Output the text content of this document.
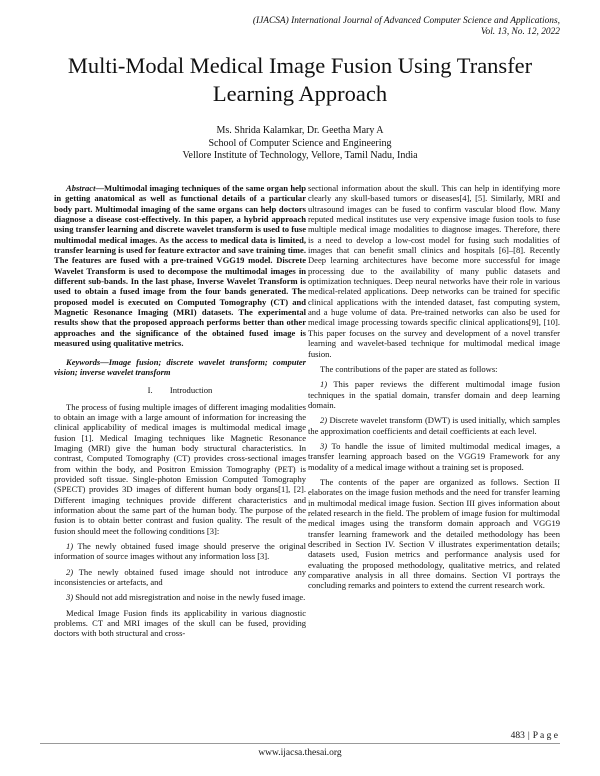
(IJACSA) International Journal of Advanced Computer Science and Applications,
Vol. 13, No. 12, 2022
Multi-Modal Medical Image Fusion Using Transfer
Learning Approach
Ms. Shrida Kalamkar, Dr. Geetha Mary A
School of Computer Science and Engineering
Vellore Institute of Technology, Vellore, Tamil Nadu, India

Abstract—Multimodal imaging techniques of the same organ help in getting anatomical as well as functional details of a particular body part. Multimodal imaging of the same organs can help doctors diagnose a disease cost-effectively. In this paper, a hybrid approach using transfer learning and discrete wavelet transform is used to fuse multimodal medical images. As the access to medical data is limited, transfer learning is used for feature extractor and save training time. The features are fused with a pre-trained VGG19 model. Discrete Wavelet Transform is used to decompose the multimodal images in different sub-bands. In the last phase, Inverse Wavelet Transform is used to obtain a fused image from the four bands generated. The proposed model is executed on Computed Tomography (CT) and Magnetic Resonance Imaging (MRI) datasets. The experimental results show that the proposed approach performs better than other approaches and the significance of the obtained fused image is measured using qualitative metrics.

Keywords—Image fusion; discrete wavelet transform; computer vision; inverse wavelet transform

I.  Introduction

The process of fusing multiple images of different imaging modalities to obtain an image with a large amount of information for increasing the clinical applicability of medical images is multimodal medical image fusion [1]. Medical Imaging techniques like Magnetic Resonance Imaging (MRI) give the human body structural characteristics. In contrast, Computed Tomography (CT) provides cross-sectional images from within the body, and Positron Emission Tomography (PET) is provided soft tissue. Single-photon Emission Computed Tomography (SPECT) provides 3D images of different human body organs[1], [2]. Different imaging techniques provide different characteristics and information about the same part of the human body. The purpose of the fusion is to obtain better contrast and fusion quality. The result of the fusion should meet the following conditions [3]:

1) The newly obtained fused image should preserve the original information of source images without any information loss [3].

2) The newly obtained fused image should not introduce any inconsistencies or artefacts, and

3) Should not add misregistration and noise in the newly fused image.

Medical Image Fusion finds its applicability in various diagnostic problems. CT and MRI images of the skull can be fused, providing doctors with both structural and cross-

sectional information about the skull. This can help in identifying more clearly any skull-based tumors or diseases[4], [5]. Similarly, MRI and ultrasound images can be fused to confirm vascular blood flow. Many reputed medical institutes use very expensive image fusion tools to fuse multiple medical image modalities to diagnose images. Therefore, there is a need to develop a low-cost model for fusing such modalities of images that can benefit small clinics and hospitals [6]–[8]. Recently Deep learning architectures have become more successful for image processing due to the availability of many public datasets and optimization techniques. Deep neural networks have their role in various medical-related applications. Deep networks can be trained for specific clinical applications with the intended dataset, fast computing system, and a huge volume of data. Pre-trained networks can also be used for medical image processing towards specific clinical applications[9], [10]. This paper focuses on the survey and development of a novel transfer learning and wavelet-based technique for multimodal medical image fusion.

The contributions of the paper are stated as follows:

1) This paper reviews the different multimodal image fusion techniques in the spatial domain, transfer domain and deep learning domain.

2) Discrete wavelet transform (DWT) is used initially, which samples the approximation coefficients and detail coefficients at each level.

3) To handle the issue of limited multimodal medical images, a transfer learning approach based on the VGG19 Framework for any modality of a medical image without a training set is proposed.

The contents of the paper are organized as follows. Section II elaborates on the image fusion methods and the need for transfer learning in multimodal medical image fusion. Section III gives information about related research in the field. The problem of image fusion for multimodal medical images using the transform domain approach and VGG19 transfer learning framework and the detailed methodology has been described in Section IV. Section V illustrates experimentation details; datasets used, Fusion metrics and performance analysis used for evaluating the proposed methodology, qualitative metrics, and related comparative analysis in all three domains. Section VI portrays the concluding remarks and pointers to extend the current research work.

483 | P a g e
www.ijacsa.thesai.org
